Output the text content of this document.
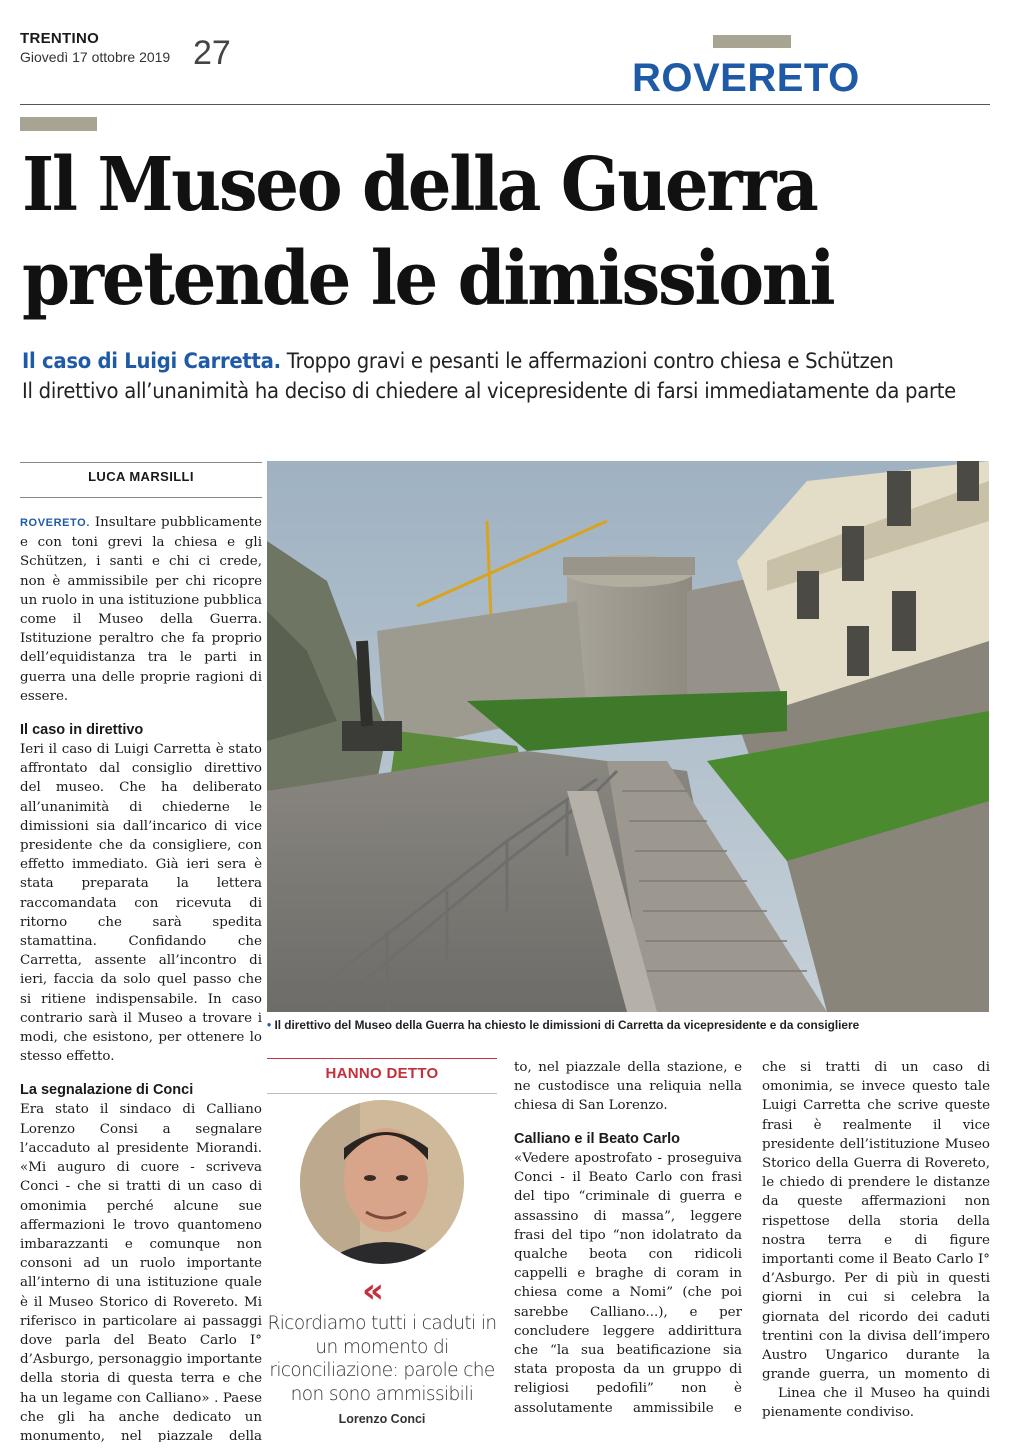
TRENTINO
Giovedì 17 ottobre 2019 27
ROVERETO
Il Museo della Guerra
pretende le dimissioni
Il caso di Luigi Carretta. Troppo gravi e pesanti le affermazioni contro chiesa e Schützen
Il direttivo all’unanimità ha deciso di chiedere al vicepresidente di farsi immediatamente da parte
LUCA MARSILLI

ROVERETO. Insultare pubblicamente e con toni grevi la chiesa e gli Schützen, i santi e chi ci crede, non è ammissibile per chi ricopre un ruolo in una istituzione pubblica come il Museo della Guerra. Istituzione peraltro che fa proprio dell’equidistanza tra le parti in guerra una delle proprie ragioni di essere.

Il caso in direttivo

Ieri il caso di Luigi Carretta è stato affrontato dal consiglio direttivo del museo. Che ha deliberato all’unanimità di chiederne le dimissioni sia dall’incarico di vice presidente che da consigliere, con effetto immediato. Già ieri sera è stata preparata la lettera raccomandata con ricevuta di ritorno che sarà spedita stamattina. Confidando che Carretta, assente all’incontro di ieri, faccia da solo quel passo che si ritiene indispensabile. In caso contrario sarà il Museo a trovare i modi, che esistono, per ottenere lo stesso effetto.

La segnalazione di Conci

Era stato il sindaco di Calliano Lorenzo Consi a segnalare l’accaduto al presidente Miorandi. «Mi auguro di cuore - scriveva Conci - che si tratti di un caso di omonimia perché alcune sue affermazioni le trovo quantomeno imbarazzanti e comunque non consoni ad un ruolo importante all’interno di una istituzione quale è il Museo Storico di Rovereto. Mi riferisco in particolare ai passaggi dove parla del Beato Carlo I° d’Asburgo, personaggio importante della storia di questa terra e che ha un legame con Calliano» . Paese che gli ha anche dedicato un monumento, nel piazzale della

• Il direttivo del Museo della Guerra ha chiesto le dimissioni di Carretta da vicepresidente e da consigliere
HANNO DETTO
«
Ricordiamo tutti i caduti in un momento di riconciliazione: parole che non sono ammissibili
Lorenzo Conci

to, nel piazzale della stazione, e ne custodisce una reliquia nella chiesa di San Lorenzo.

Calliano e il Beato Carlo

«Vedere apostrofato - proseguiva Conci - il Beato Carlo con frasi del tipo “criminale di guerra e assassino di massa”, leggere frasi del tipo “non idolatrato da qualche beota con ridicoli cappelli e braghe di coram in chiesa come a Nomi” (che poi sarebbe Calliano...), e per concludere leggere addirittura che “la sua beatificazione sia stata proposta da un gruppo di religiosi pedofili” non è assolutamente ammissibile e

che si tratti di un caso di omonimia, se invece questo tale Luigi Carretta che scrive queste frasi è realmente il vice presidente dell’istituzione Museo Storico della Guerra di Rovereto, le chiedo di prendere le distanze da queste affermazioni non rispettose della storia della nostra terra e di figure importanti come il Beato Carlo I° d’Asburgo. Per di più in questi giorni in cui si celebra la giornata del ricordo dei caduti trentini con la divisa dell’impero Austro Ungarico durante la grande guerra, un momento di

Linea che il Museo ha quindi pienamente condiviso.
